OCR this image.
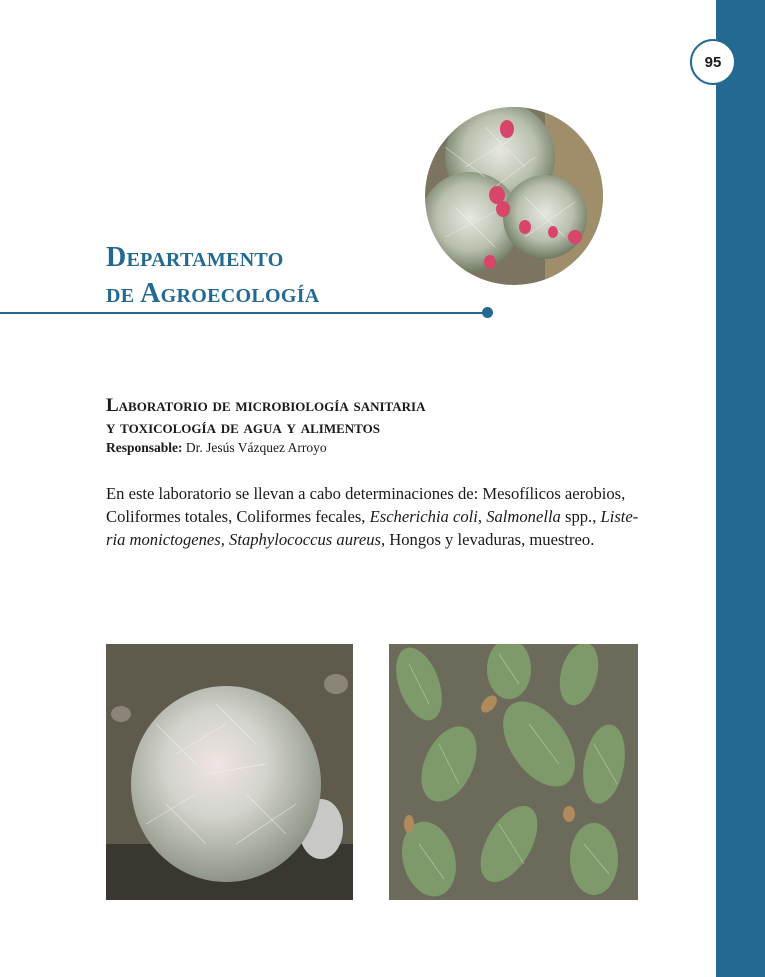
95
Departamento
de Agroecología
Laboratorio de microbiología sanitaria
y toxicología de agua y alimentos
Responsable: Dr. Jesús Vázquez Arroyo
En este laboratorio se llevan a cabo determinaciones de: Mesofílicos aerobios,
Coliformes totales, Coliformes fecales, Escherichia coli, Salmonella spp., Liste-
ria monictogenes, Staphylococcus aureus, Hongos y levaduras, muestreo.
